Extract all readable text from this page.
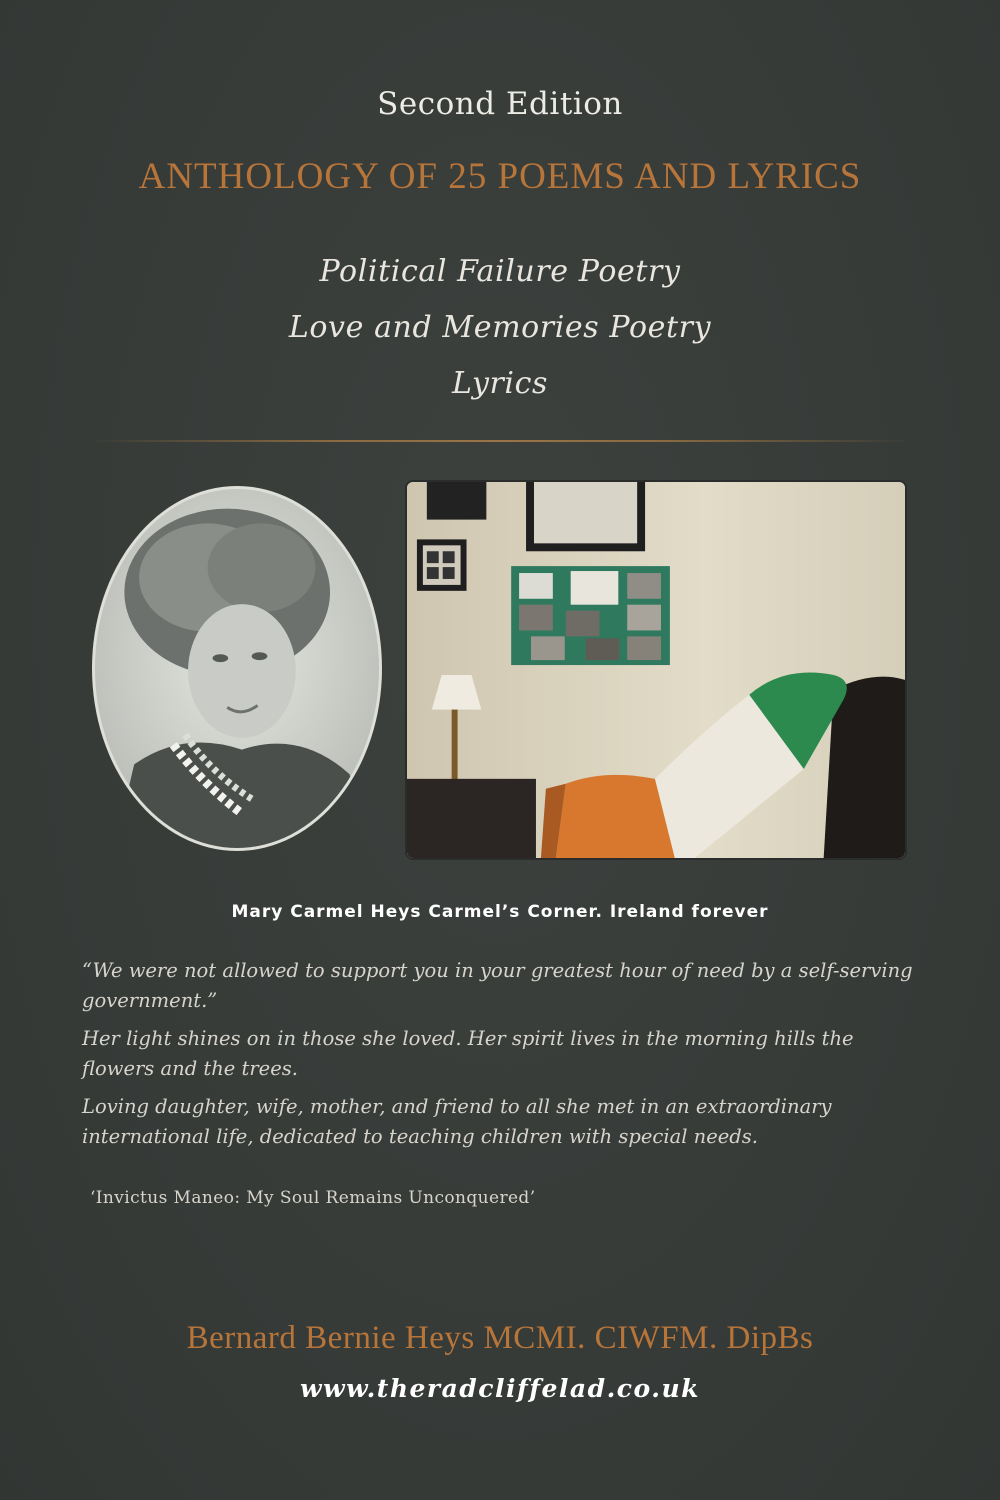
Second Edition
ANTHOLOGY OF 25 POEMS AND LYRICS
Political Failure Poetry
Love and Memories Poetry
Lyrics
Mary Carmel Heys Carmel’s Corner. Ireland forever

“We were not allowed to support you in your greatest hour of need by a self-serving government.”

Her light shines on in those she loved. Her spirit lives in the morning hills the flowers and the trees.

Loving daughter, wife, mother, and friend to all she met in an extraordinary international life, dedicated to teaching children with special needs.

‘Invictus Maneo: My Soul Remains Unconquered’
Bernard Bernie Heys MCMI. CIWFM. DipBs
www.theradcliffelad.co.uk
